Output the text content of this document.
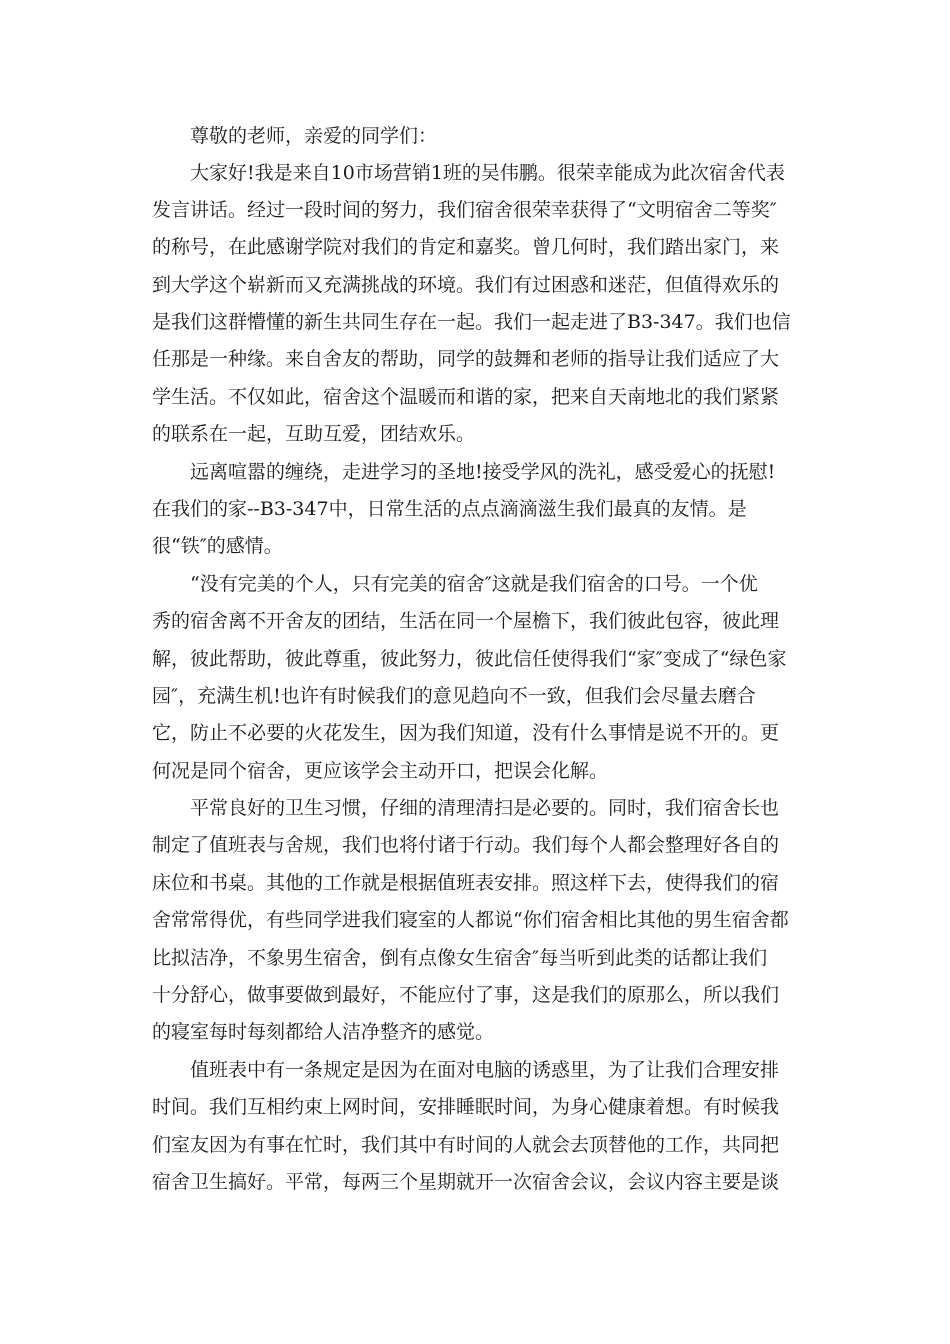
尊敬的老师，亲爱的同学们：
大家好!我是来自10市场营销1班的吴伟鹏。很荣幸能成为此次宿舍代表
发言讲话。经过一段时间的努力，我们宿舍很荣幸获得了“文明宿舍二等奖″
的称号，在此感谢学院对我们的肯定和嘉奖。曾几何时，我们踏出家门，来
到大学这个崭新而又充满挑战的环境。我们有过困惑和迷茫，但值得欢乐的
是我们这群懵懂的新生共同生存在一起。我们一起走进了B3-347。我们也信
任那是一种缘。来自舍友的帮助，同学的鼓舞和老师的指导让我们适应了大
学生活。不仅如此，宿舍这个温暖而和谐的家，把来自天南地北的我们紧紧
的联系在一起，互助互爱，团结欢乐。
远离喧嚣的缠绕，走进学习的圣地!接受学风的洗礼，感受爱心的抚慰!
在我们的家--B3-347中，日常生活的点点滴滴滋生我们最真的友情。是
很“铁″的感情。
“没有完美的个人，只有完美的宿舍″这就是我们宿舍的口号。一个优
秀的宿舍离不开舍友的团结，生活在同一个屋檐下，我们彼此包容，彼此理
解，彼此帮助，彼此尊重，彼此努力，彼此信任使得我们“家″变成了“绿色家
园″，充满生机!也许有时候我们的意见趋向不一致，但我们会尽量去磨合
它，防止不必要的火花发生，因为我们知道，没有什么事情是说不开的。更
何况是同个宿舍，更应该学会主动开口，把误会化解。
平常良好的卫生习惯，仔细的清理清扫是必要的。同时，我们宿舍长也
制定了值班表与舍规，我们也将付诸于行动。我们每个人都会整理好各自的
床位和书桌。其他的工作就是根据值班表安排。照这样下去，使得我们的宿
舍常常得优，有些同学进我们寝室的人都说“你们宿舍相比其他的男生宿舍都
比拟洁净，不象男生宿舍，倒有点像女生宿舍″每当听到此类的话都让我们
十分舒心，做事要做到最好，不能应付了事，这是我们的原那么，所以我们
的寝室每时每刻都给人洁净整齐的感觉。
值班表中有一条规定是因为在面对电脑的诱惑里，为了让我们合理安排
时间。我们互相约束上网时间，安排睡眠时间，为身心健康着想。有时候我
们室友因为有事在忙时，我们其中有时间的人就会去顶替他的工作，共同把
宿舍卫生搞好。平常，每两三个星期就开一次宿舍会议，会议内容主要是谈
